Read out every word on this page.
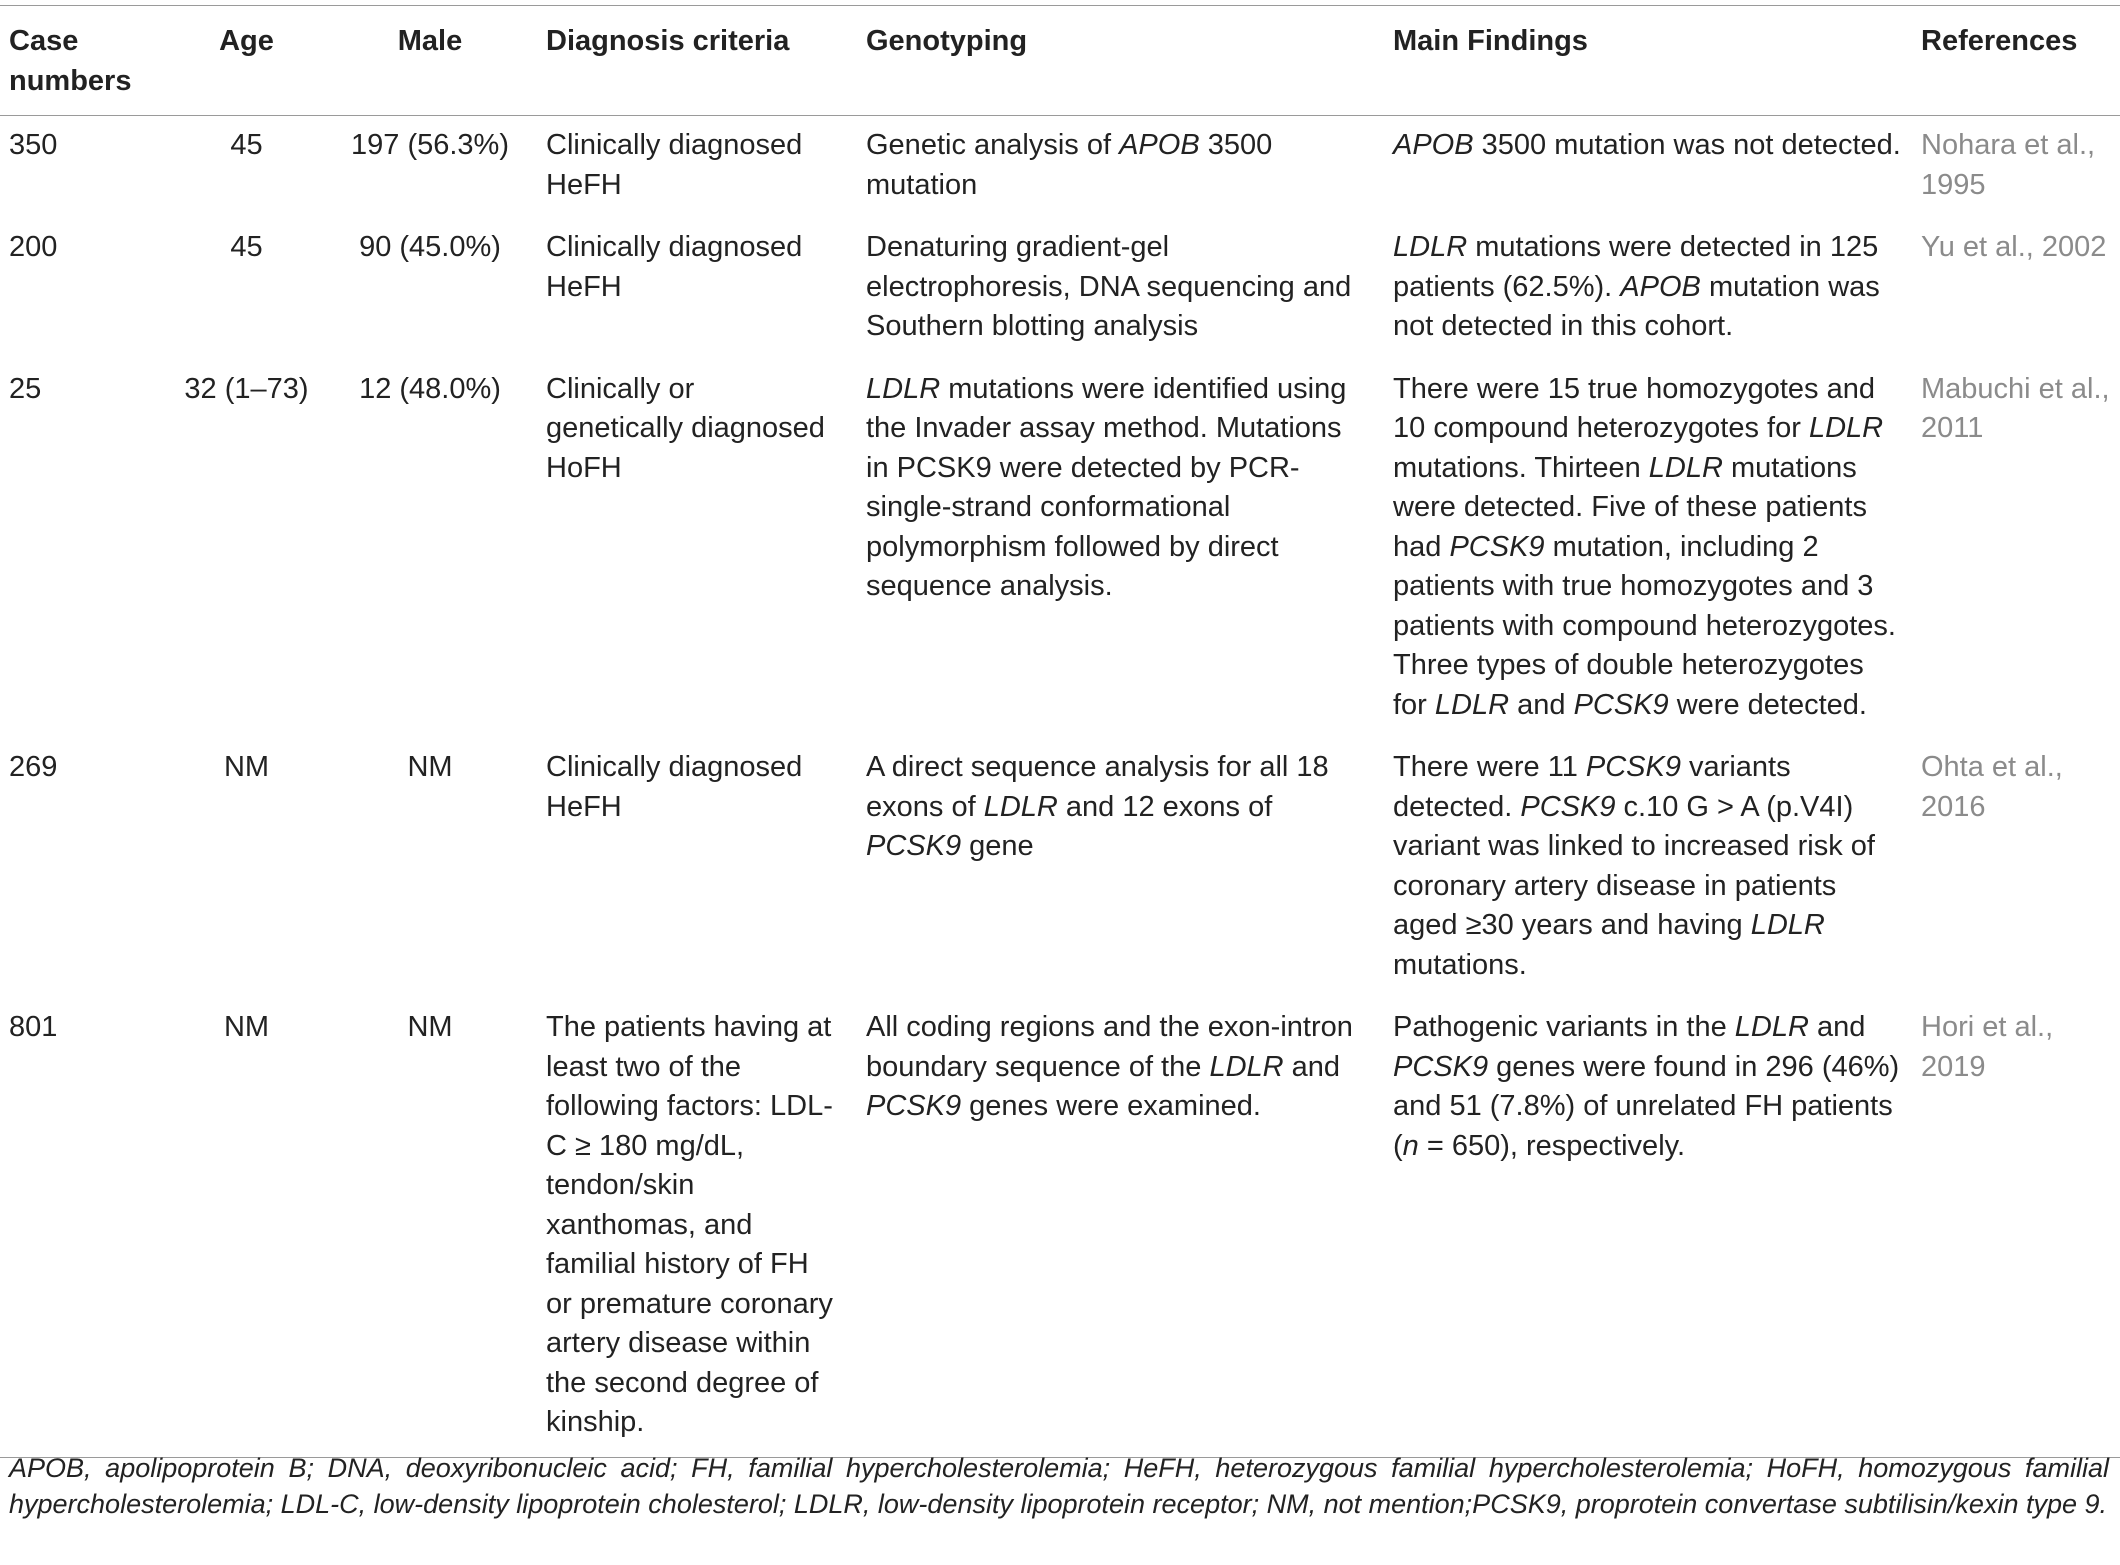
Case numbers	Age	Male	Diagnosis criteria	Genotyping	Main Findings	References
350	45	197 (56.3%)	Clinically diagnosed HeFH	Genetic analysis of APOB 3500 mutation	APOB 3500 mutation was not detected.	Nohara et al., 1995
200	45	90 (45.0%)	Clinically diagnosed HeFH	Denaturing gradient-gel electrophoresis, DNA sequencing and Southern blotting analysis	LDLR mutations were detected in 125 patients (62.5%). APOB mutation was not detected in this cohort.	Yu et al., 2002
25	32 (1–73)	12 (48.0%)	Clinically or genetically diagnosed HoFH	LDLR mutations were identified using the Invader assay method. Mutations in PCSK9 were detected by PCR-single-strand conformational polymorphism followed by direct sequence analysis.	There were 15 true homozygotes and 10 compound heterozygotes for LDLR mutations. Thirteen LDLR mutations were detected. Five of these patients had PCSK9 mutation, including 2 patients with true homozygotes and 3 patients with compound heterozygotes. Three types of double heterozygotes for LDLR and PCSK9 were detected.	Mabuchi et al., 2011
269	NM	NM	Clinically diagnosed HeFH	A direct sequence analysis for all 18 exons of LDLR and 12 exons of PCSK9 gene	There were 11 PCSK9 variants detected. PCSK9 c.10 G > A (p.V4I) variant was linked to increased risk of coronary artery disease in patients aged ≥30 years and having LDLR mutations.	Ohta et al., 2016
801	NM	NM	The patients having at least two of the following factors: LDL-C ≥ 180 mg/dL, tendon/skin xanthomas, and familial history of FH or premature coronary artery disease within the second degree of kinship.	All coding regions and the exon-intron boundary sequence of the LDLR and PCSK9 genes were examined.	Pathogenic variants in the LDLR and PCSK9 genes were found in 296 (46%) and 51 (7.8%) of unrelated FH patients (n = 650), respectively.	Hori et al., 2019
APOB, apolipoprotein B; DNA, deoxyribonucleic acid; FH, familial hypercholesterolemia; HeFH, heterozygous familial hypercholesterolemia; HoFH, homozygous familial hypercholesterolemia; LDL-C, low-density lipoprotein cholesterol; LDLR, low-density lipoprotein receptor; NM, not mention;PCSK9, proprotein convertase subtilisin/kexin type 9.
